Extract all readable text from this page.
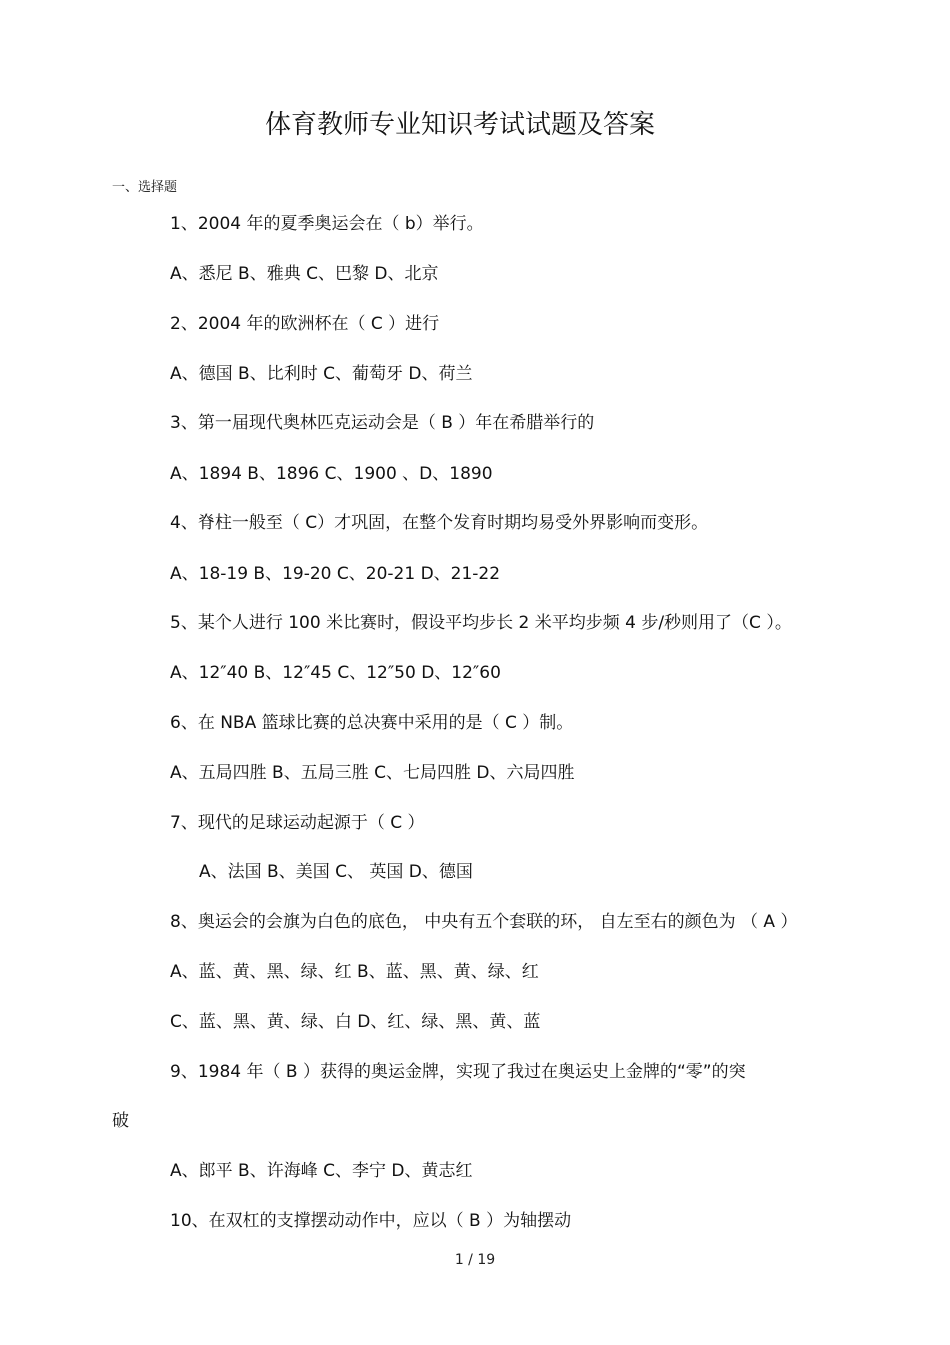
体育教师专业知识考试试题及答案
一、选择题
1、2004 年的夏季奥运会在（ b）举行。
A、悉尼 B、雅典 C、巴黎 D、北京
2、2004 年的欧洲杯在（ C ）进行
A、德国 B、比利时 C、葡萄牙 D、荷兰
3、第一届现代奥林匹克运动会是（ B ）年在希腊举行的
A、1894 B、1896 C、1900 、D、1890
4、脊柱一般至（ C）才巩固，在整个发育时期均易受外界影响而变形。
A、18-19 B、19-20 C、20-21 D、21-22
5、某个人进行 100 米比赛时，假设平均步长 2 米平均步频 4 步/秒则用了（C ）。
A、12″40 B、12″45 C、12″50 D、12″60
6、在 NBA 篮球比赛的总决赛中采用的是（ C ）制。
A、五局四胜 B、五局三胜 C、七局四胜 D、六局四胜
7、现代的足球运动起源于（ C ）
A、法国 B、美国 C、 英国 D、德国
8、奥运会的会旗为白色的底色， 中央有五个套联的环， 自左至右的颜色为 （ A ）
A、蓝、黄、黑、绿、红 B、蓝、黑、黄、绿、红
C、蓝、黑、黄、绿、白 D、红、绿、黑、黄、蓝
9、1984 年（ B ）获得的奥运金牌，实现了我过在奥运史上金牌的“零”的突
破
A、郎平 B、许海峰 C、李宁 D、黄志红
10、在双杠的支撑摆动动作中，应以（ B ）为轴摆动
1 / 19
